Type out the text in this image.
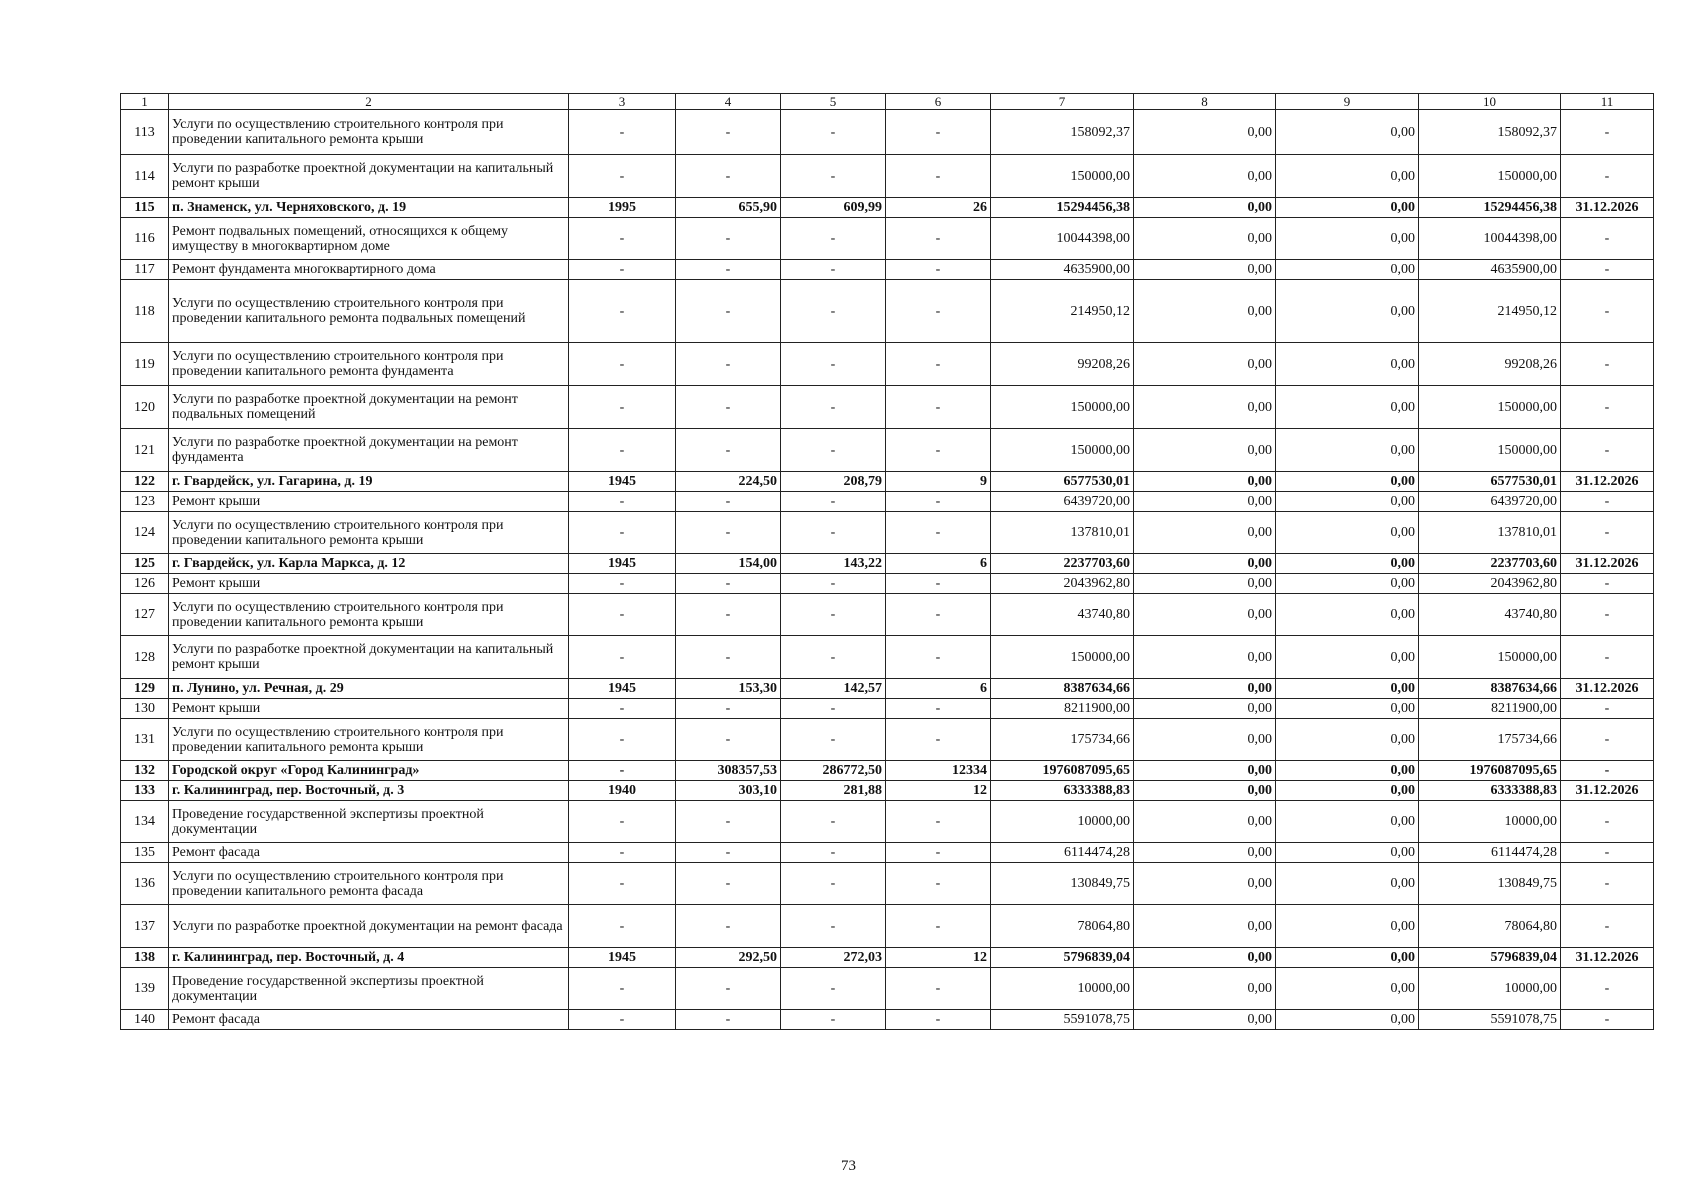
1	2	3	4	5	6	7	8	9	10	11
113	Услуги по осуществлению строительного контроля при проведении капитального ремонта крыши	-	-	-	-	158092,37	0,00	0,00	158092,37	-
114	Услуги по разработке проектной документации на капитальный ремонт крыши	-	-	-	-	150000,00	0,00	0,00	150000,00	-
115	п. Знаменск, ул. Черняховского, д. 19	1995	655,90	609,99	26	15294456,38	0,00	0,00	15294456,38	31.12.2026
116	Ремонт подвальных помещений, относящихся к общему имуществу в многоквартирном доме	-	-	-	-	10044398,00	0,00	0,00	10044398,00	-
117	Ремонт фундамента многоквартирного дома	-	-	-	-	4635900,00	0,00	0,00	4635900,00	-
118	Услуги по осуществлению строительного контроля при проведении капитального ремонта подвальных помещений	-	-	-	-	214950,12	0,00	0,00	214950,12	-
119	Услуги по осуществлению строительного контроля при проведении капитального ремонта фундамента	-	-	-	-	99208,26	0,00	0,00	99208,26	-
120	Услуги по разработке проектной документации на ремонт подвальных помещений	-	-	-	-	150000,00	0,00	0,00	150000,00	-
121	Услуги по разработке проектной документации на ремонт фундамента	-	-	-	-	150000,00	0,00	0,00	150000,00	-
122	г. Гвардейск, ул. Гагарина, д. 19	1945	224,50	208,79	9	6577530,01	0,00	0,00	6577530,01	31.12.2026
123	Ремонт крыши	-	-	-	-	6439720,00	0,00	0,00	6439720,00	-
124	Услуги по осуществлению строительного контроля при проведении капитального ремонта крыши	-	-	-	-	137810,01	0,00	0,00	137810,01	-
125	г. Гвардейск, ул. Карла Маркса, д. 12	1945	154,00	143,22	6	2237703,60	0,00	0,00	2237703,60	31.12.2026
126	Ремонт крыши	-	-	-	-	2043962,80	0,00	0,00	2043962,80	-
127	Услуги по осуществлению строительного контроля при проведении капитального ремонта крыши	-	-	-	-	43740,80	0,00	0,00	43740,80	-
128	Услуги по разработке проектной документации на капитальный ремонт крыши	-	-	-	-	150000,00	0,00	0,00	150000,00	-
129	п. Лунино, ул. Речная, д. 29	1945	153,30	142,57	6	8387634,66	0,00	0,00	8387634,66	31.12.2026
130	Ремонт крыши	-	-	-	-	8211900,00	0,00	0,00	8211900,00	-
131	Услуги по осуществлению строительного контроля при проведении капитального ремонта крыши	-	-	-	-	175734,66	0,00	0,00	175734,66	-
132	Городской округ «Город Калининград»	-	308357,53	286772,50	12334	1976087095,65	0,00	0,00	1976087095,65	-
133	г. Калининград, пер. Восточный, д. 3	1940	303,10	281,88	12	6333388,83	0,00	0,00	6333388,83	31.12.2026
134	Проведение государственной экспертизы проектной документации	-	-	-	-	10000,00	0,00	0,00	10000,00	-
135	Ремонт фасада	-	-	-	-	6114474,28	0,00	0,00	6114474,28	-
136	Услуги по осуществлению строительного контроля при проведении капитального ремонта фасада	-	-	-	-	130849,75	0,00	0,00	130849,75	-
137	Услуги по разработке проектной документации на ремонт фасада	-	-	-	-	78064,80	0,00	0,00	78064,80	-
138	г. Калининград, пер. Восточный, д. 4	1945	292,50	272,03	12	5796839,04	0,00	0,00	5796839,04	31.12.2026
139	Проведение государственной экспертизы проектной документации	-	-	-	-	10000,00	0,00	0,00	10000,00	-
140	Ремонт фасада	-	-	-	-	5591078,75	0,00	0,00	5591078,75	-
73
